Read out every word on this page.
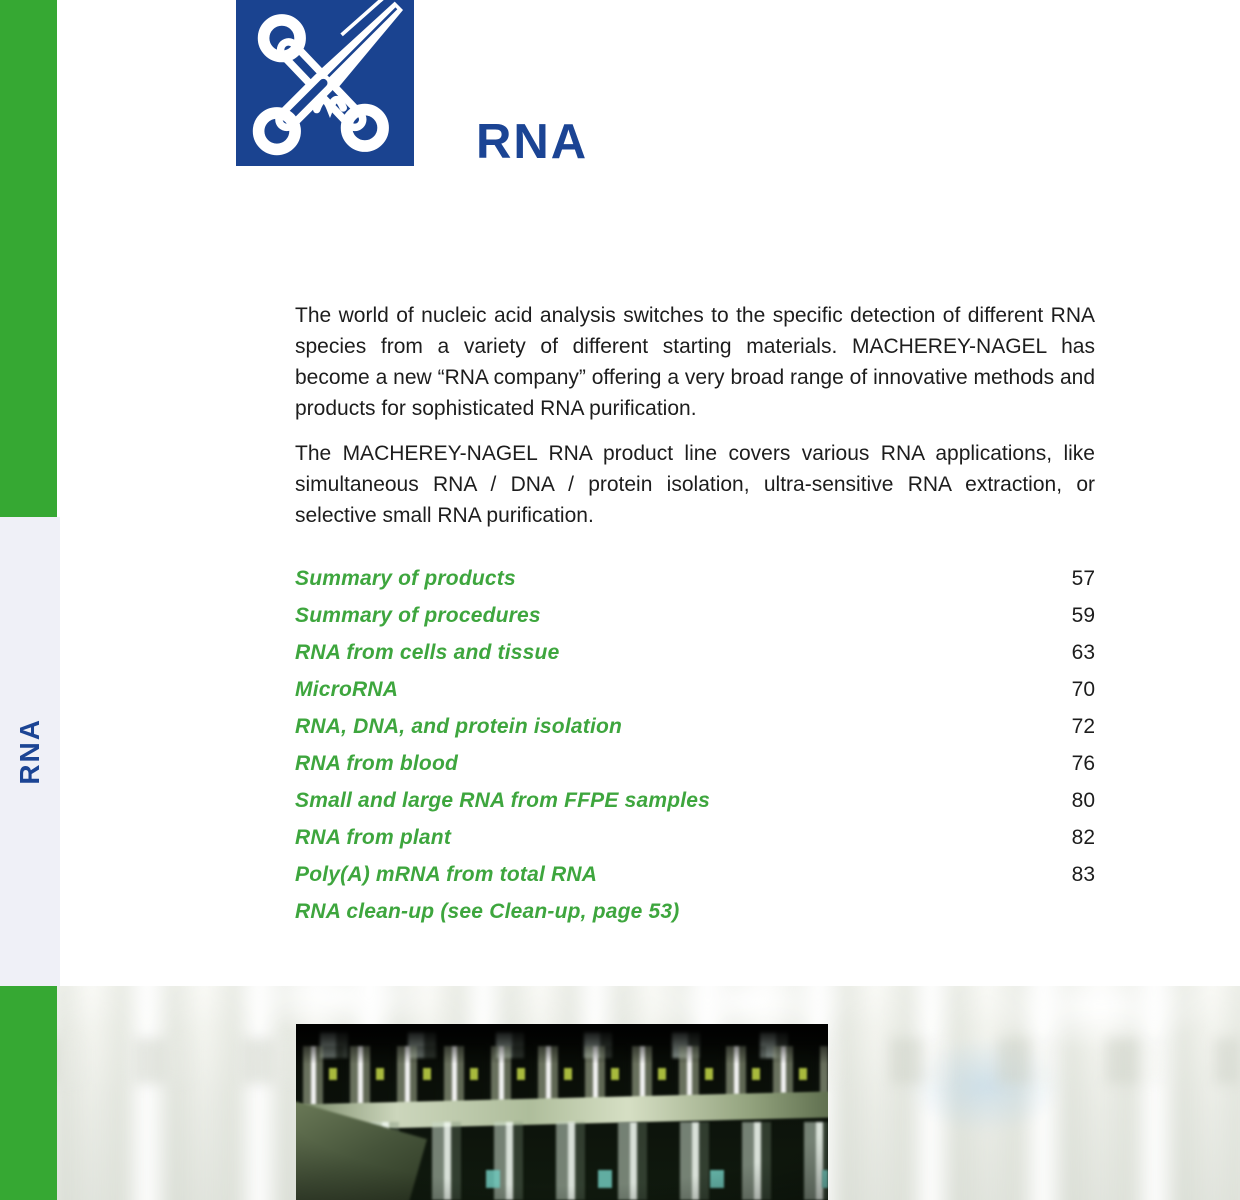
RNA
RNA

The world of nucleic acid analysis switches to the specific detection of different RNA species from a variety of different starting materials. MACHEREY-NAGEL has become a new “RNA company” offering a very broad range of innovative methods and products for sophisticated RNA purification.

The MACHEREY-NAGEL RNA product line covers various RNA applications, like simultaneous RNA / DNA / protein isolation, ultra-sensitive RNA extraction, or selective small RNA purification.

Summary of products	57
Summary of procedures	59
RNA from cells and tissue	63
MicroRNA	70
RNA, DNA, and protein isolation	72
RNA from blood	76
Small and large RNA from FFPE samples	80
RNA from plant	82
Poly(A) mRNA from total RNA	83
RNA clean-up (see Clean-up, page 53)
